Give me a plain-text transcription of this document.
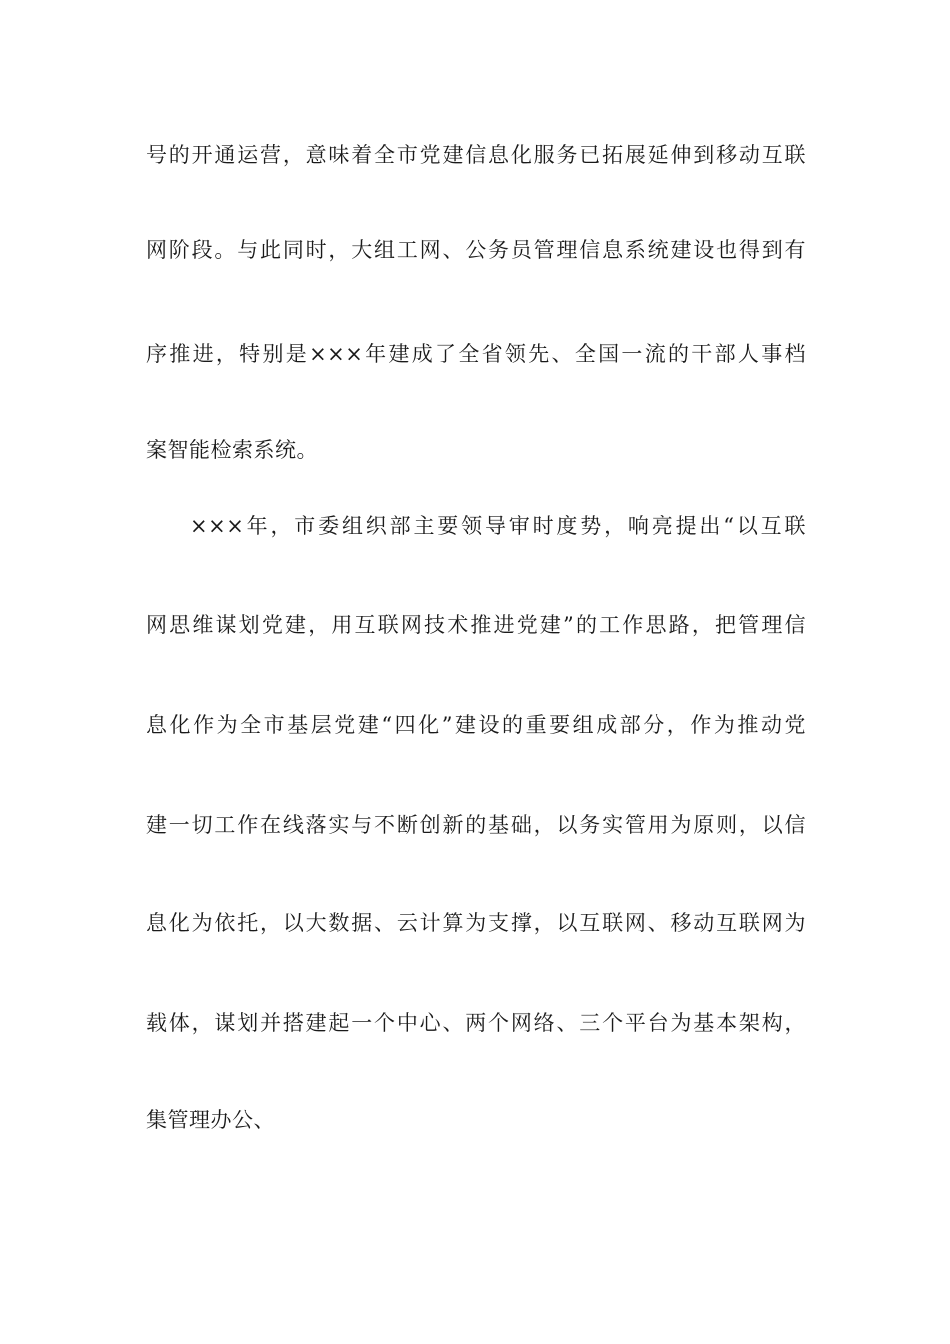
号的开通运营，意味着全市党建信息化服务已拓展延伸到移动互联
网阶段。与此同时，大组工网、公务员管理信息系统建设也得到有
序推进，特别是×××年建成了全省领先、全国一流的干部人事档
案智能检索系统。
×××年，市委组织部主要领导审时度势，响亮提出“以互联
网思维谋划党建，用互联网技术推进党建”的工作思路，把管理信
息化作为全市基层党建“四化”建设的重要组成部分，作为推动党
建一切工作在线落实与不断创新的基础，以务实管用为原则，以信
息化为依托，以大数据、云计算为支撑，以互联网、移动互联网为
载体，谋划并搭建起一个中心、两个网络、三个平台为基本架构，
集管理办公、
